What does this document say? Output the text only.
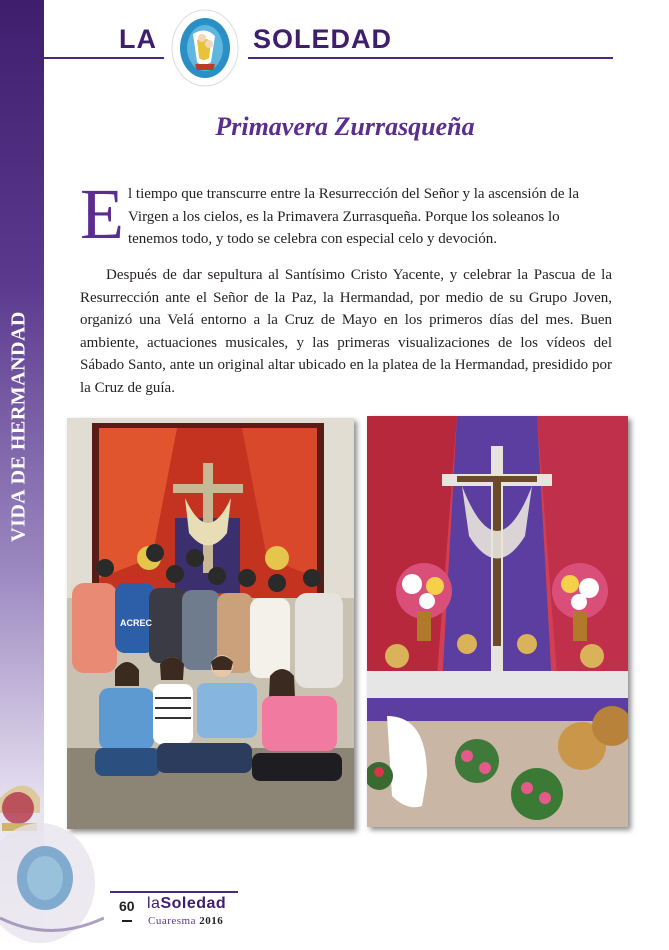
VIDA DE HERMANDAD
LA	SOLEDAD
Primavera Zurrasqueña
E l tiempo que transcurre entre la Resurrección del Señor y la ascensión de la Virgen a los cielos, es la Primavera Zurrasqueña. Porque los soleanos lo tenemos todo, y todo se celebra con especial celo y devoción.
Después de dar sepultura al Santísimo Cristo Yacente, y celebrar la Pascua de la Resurrección ante el Señor de la Paz, la Hermandad, por medio de su Grupo Joven, organizó una Velá entorno a la Cruz de Mayo en los primeros días del mes. Buen ambiente, actuaciones musicales, y las primeras visualizaciones de los vídeos del Sábado Santo, ante un original altar ubicado en la platea de la Hermandad, presidido por la Cruz de guía.
ACREC
60 laSoledad
Cuaresma 2016
